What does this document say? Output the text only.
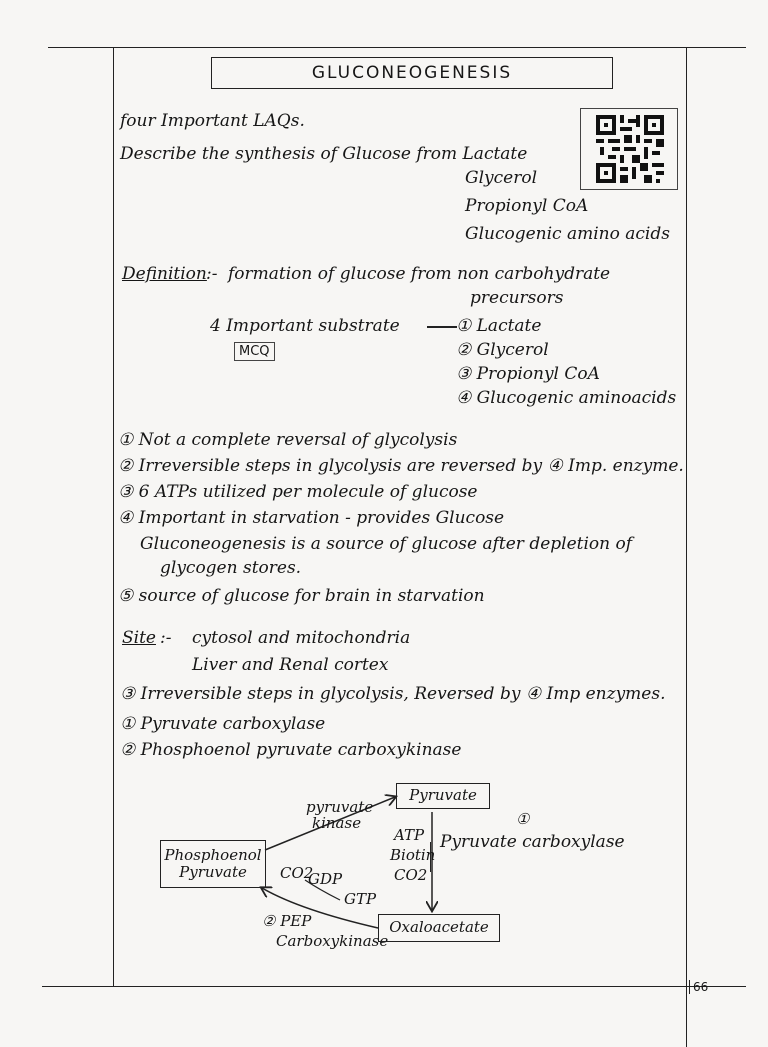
GLUCONEOGENESIS
four Important LAQs.
Describe the synthesis of Glucose from Lactate
Glycerol
Propionyl CoA
Glucogenic amino acids
Definition :- formation of glucose from non carbohydrate
precursors
4 Important substrate
MCQ
① Lactate
② Glycerol
③ Propionyl CoA
④ Glucogenic aminoacids
① Not a complete reversal of glycolysis
② Irreversible steps in glycolysis are reversed by ④ Imp. enzyme.
③ 6 ATPs utilized per molecule of glucose
④ Important in starvation - provides Glucose
Gluconeogenesis is a source of glucose after depletion of
glycogen stores.
⑤ source of glucose for brain in starvation
Site :- cytosol and mitochondria
Liver and Renal cortex
③ Irreversible steps in glycolysis, Reversed by ④ Imp enzymes.
① Pyruvate carboxylase
② Phosphoenol pyruvate carboxykinase
Pyruvate
pyruvate
kinase	①
Pyruvate carboxylase
ATP
Biotin
CO2
Phosphoenol
Pyruvate CO2
GDP
GTP
② PEP
Carboxykinase
Oxaloacetate
66
